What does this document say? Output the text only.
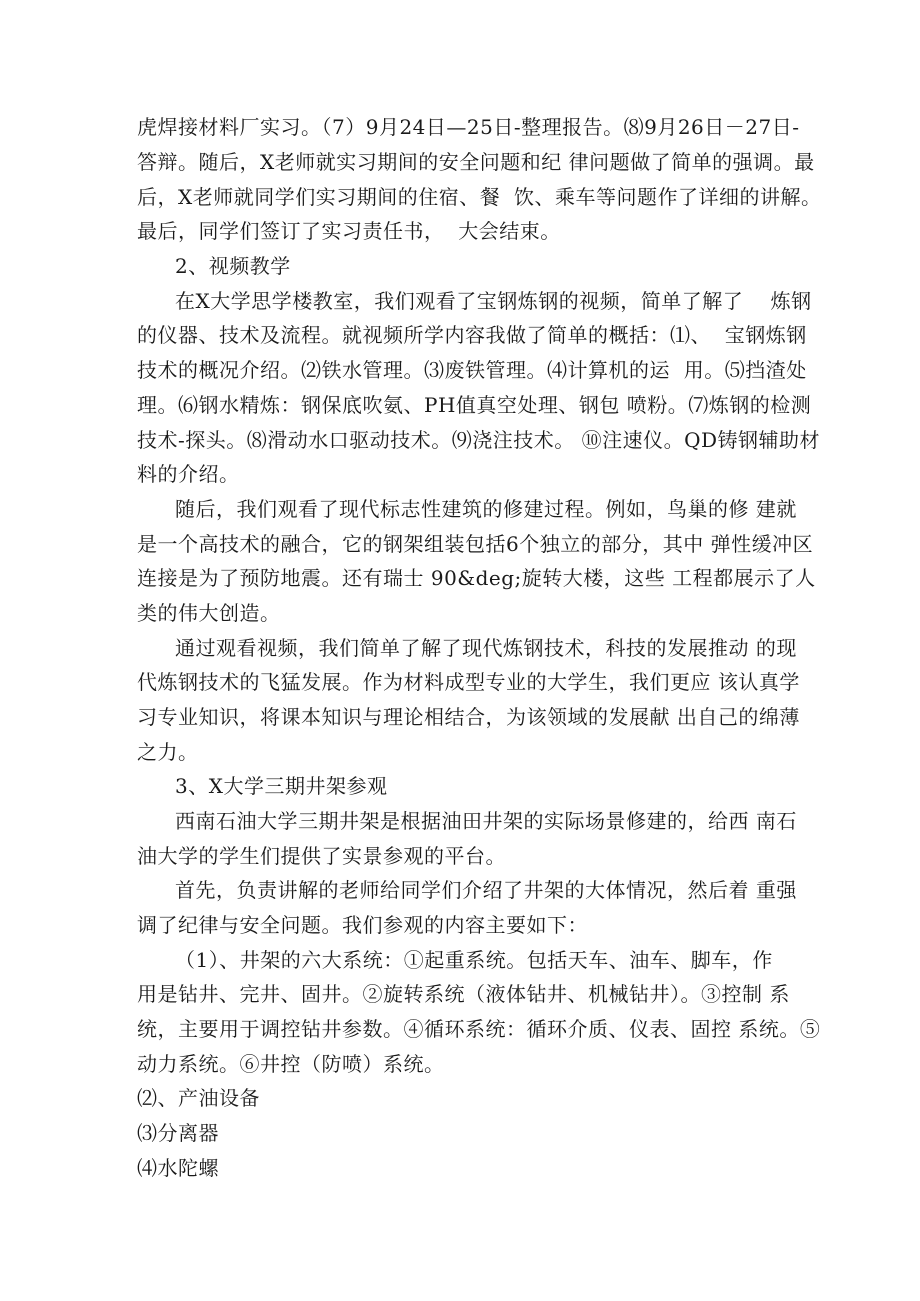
虎焊接材料厂实习。（7）9月24日—25日-整理报告。⑻9月26日－27日-
答辩。随后，X老师就实习期间的安全问题和纪 律问题做了简单的强调。最
后，X老师就同学们实习期间的住宿、餐  饮、乘车等问题作了详细的讲解。
最后，同学们签订了实习责任书，  大会结束。
2、视频教学
在X大学思学楼教室，我们观看了宝钢炼钢的视频，简单了解了    炼钢
的仪器、技术及流程。就视频所学内容我做了简单的概括：⑴、  宝钢炼钢
技术的概况介绍。⑵铁水管理。⑶废铁管理。⑷计算机的运  用。⑸挡渣处
理。⑹钢水精炼：钢保底吹氨、PH值真空处理、钢包 喷粉。⑺炼钢的检测
技术-探头。⑻滑动水口驱动技术。⑼浇注技术。 ⑩注速仪。QD铸钢辅助材
料的介绍。
随后，我们观看了现代标志性建筑的修建过程。例如，鸟巢的修 建就
是一个高技术的融合，它的钢架组装包括6个独立的部分，其中 弹性缓冲区
连接是为了预防地震。还有瑞士 90&deg;旋转大楼，这些 工程都展示了人
类的伟大创造。
通过观看视频，我们简单了解了现代炼钢技术，科技的发展推动 的现
代炼钢技术的飞猛发展。作为材料成型专业的大学生，我们更应 该认真学
习专业知识，将课本知识与理论相结合，为该领域的发展献 出自己的绵薄
之力。
3、X大学三期井架参观
西南石油大学三期井架是根据油田井架的实际场景修建的，给西 南石
油大学的学生们提供了实景参观的平台。
首先，负责讲解的老师给同学们介绍了井架的大体情况，然后着 重强
调了纪律与安全问题。我们参观的内容主要如下：
（1）、井架的六大系统：①起重系统。包括天车、油车、脚车，作
用是钻井、完井、固井。②旋转系统（液体钻井、机械钻井）。③控制 系
统，主要用于调控钻井参数。④循环系统：循环介质、仪表、固控 系统。⑤
动力系统。⑥井控（防喷）系统。
⑵、产油设备
⑶分离器
⑷水陀螺
